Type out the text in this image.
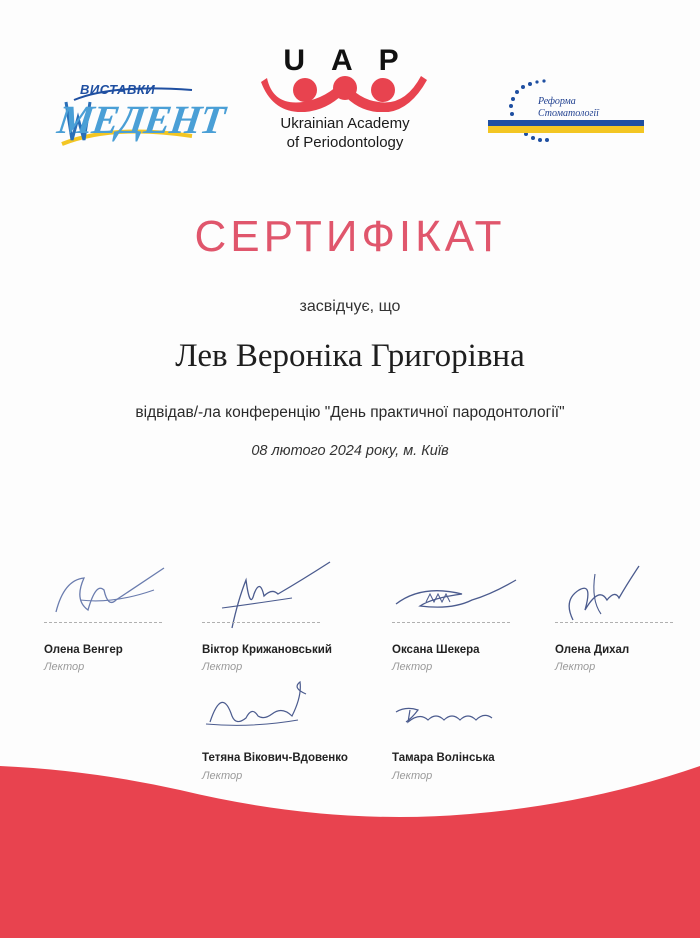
ВИСТАВКИ
МЕДЕНТ
UAP
Ukrainian Academy
of Periodontology
Реформа
Стоматології
СЕРТИФІКАТ
засвідчує, що
Лев Вероніка Григорівна
відвідав/-ла конференцію "День практичної пародонтології"
08 лютого 2024 року, м. Київ
Олена Венгер
Лектор
Віктор Крижановський
Лектор
Оксана Шекера
Лектор
Олена Дихал
Лектор
Тетяна Вікович-Вдовенко
Лектор
Тамара Волінська
Лектор
